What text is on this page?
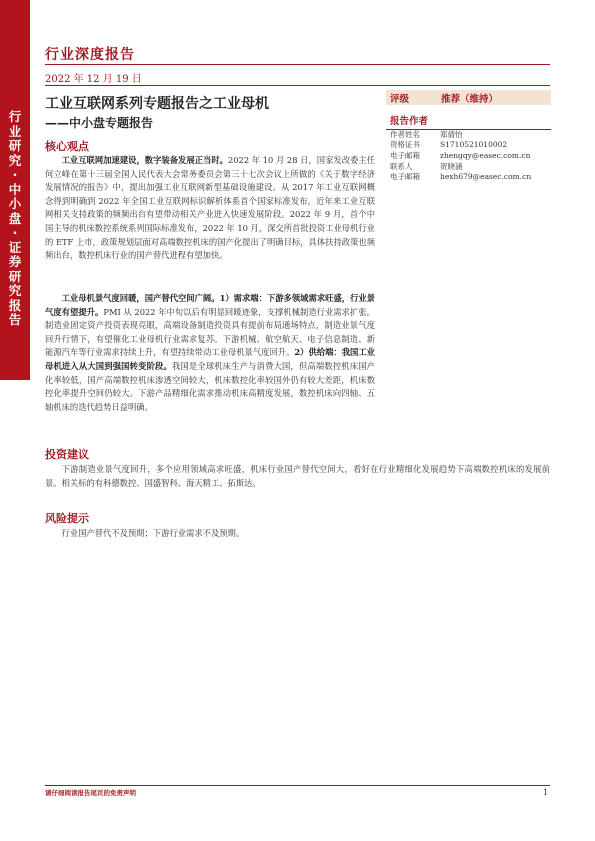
行业研究·中小盘·证券研究报告
行业深度报告
2022 年 12 月 19 日
工业互联网系列专题报告之工业母机
——中小盘专题报告
评级	推荐（维持）
报告作者
作者姓名	郑倩怡
资格证书	S1710521010002
电子邮箱	zhengqy@easec.com.cn
联系人	贺晓涵
电子邮箱	hexh679@easec.com.cn
核心观点

工业互联网加速建设，数字装备发展正当时。2022 年 10 月 28 日，国家发改委主任何立峰在第十三届全国人民代表大会常务委员会第三十七次会议上所做的《关于数字经济发展情况的报告》中，提出加强工业互联网新型基础设施建设。从 2017 年工业互联网概念得到明确到 2022 年全国工业互联网标识解析体系首个国家标准发布，近年来工业互联网相关支持政策的频频出台有望带动相关产业进入快速发展阶段。2022 年 9 月，首个中国主导的机床数控系统系列国际标准发布，2022 年 10 月，深交所首批投资工业母机行业的 ETF 上市，政策规划层面对高端数控机床的国产化提出了明确目标，具体扶持政策也频频出台，数控机床行业的国产替代进程有望加快。

工业母机景气度回暖，国产替代空间广阔。1）需求端：下游多领域需求旺盛，行业景气度有望提升。PMI 从 2022 年中旬以后有明显回暖迹象，支撑机械制造行业需求扩张。制造业固定资产投资表现亮眼，高端设备制造投资具有提前布局通场特点，制造业景气度回升行情下，有望催化工业母机行业需求复苏。下游机械、航空航天、电子信息制造、新能源汽车等行业需求持续上升，有望持续带动工业母机景气度回升。2）供给端：我国工业母机进入从大国到强国转变阶段。我国是全球机床生产与消费大国，但高端数控机床国产化率较低，国产高端数控机床渗透空间较大，机床数控化率较国外仍有较大差距，机床数控化率提升空间仍较大。下游产品精细化需求推动机床高精度发展，数控机床向四轴、五轴机床的迭代趋势日益明确。

投资建议

下游制造业景气度回升，多个应用领域高求旺盛，机床行业国产替代空间大，看好在行业精细化发展趋势下高端数控机床的发展前景。相关标的有科德数控、国盛智科、海天精工、拓斯达。

风险提示

行业国产替代不及预期；下游行业需求不及预期。

请仔细阅读报告尾页的免责声明	1
